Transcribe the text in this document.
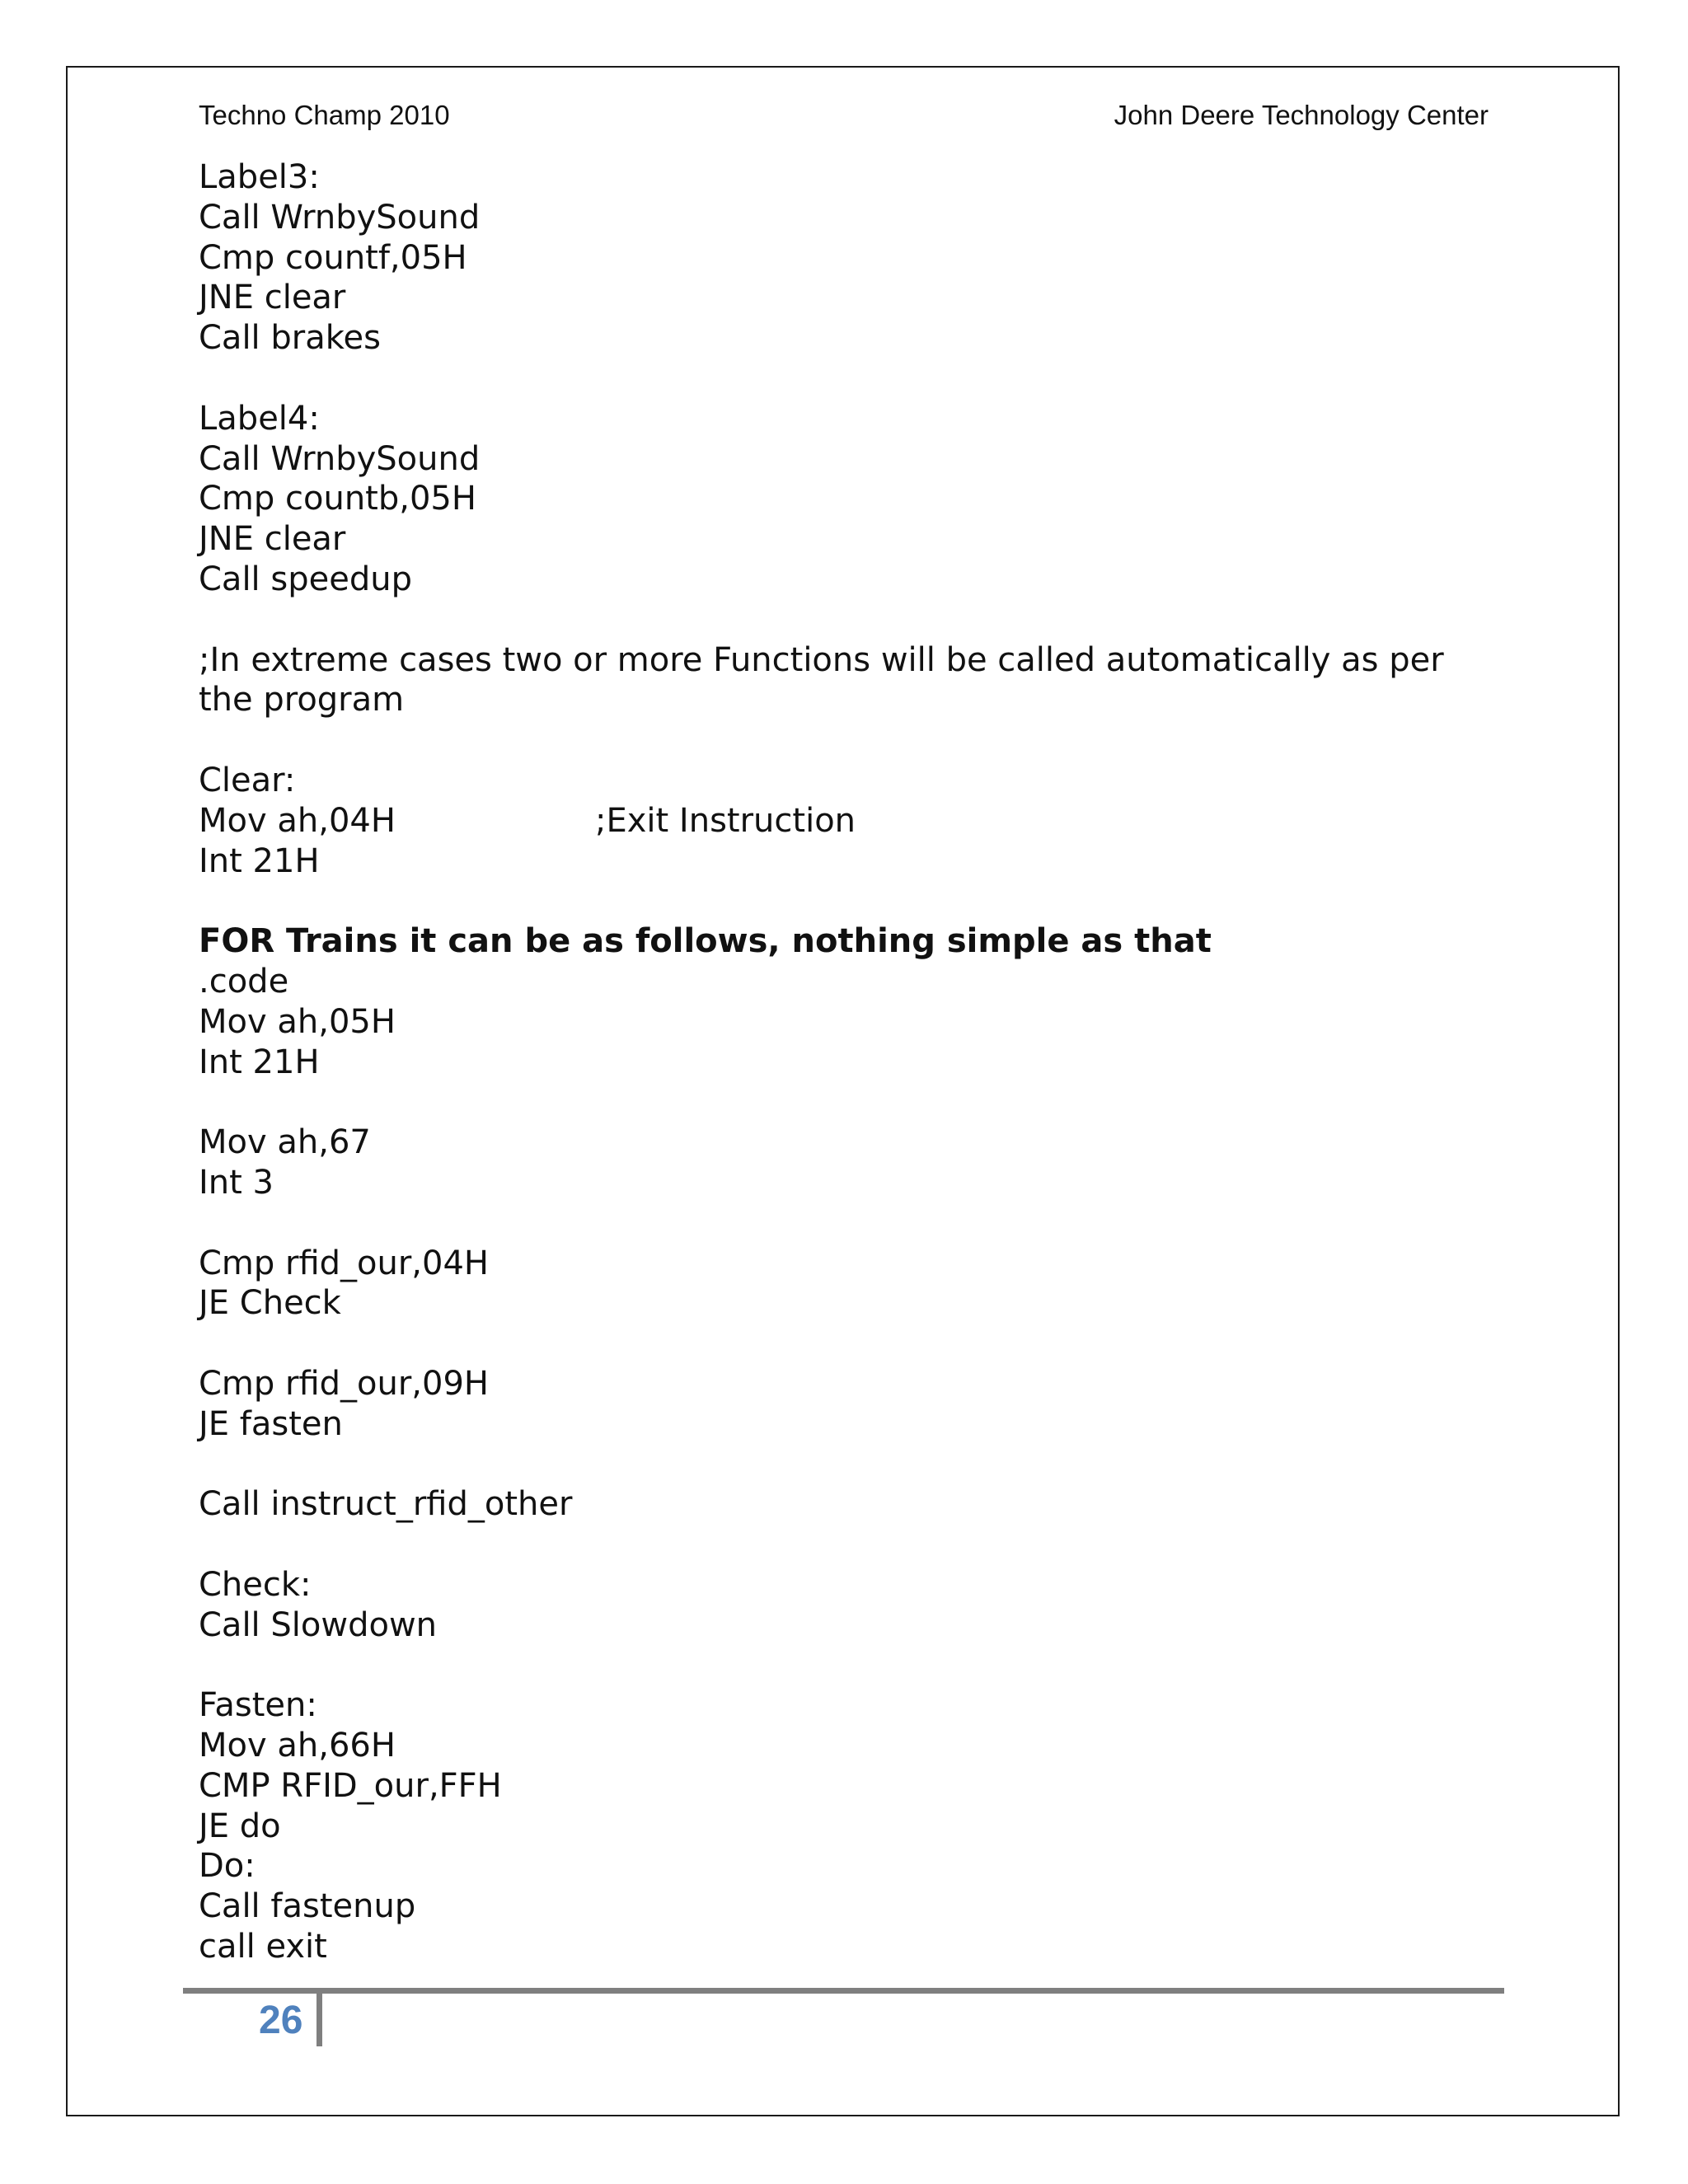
Techno Champ 2010	John Deere Technology Center
Label3:
Call WrnbySound
Cmp countf,05H
JNE clear
Call brakes
Label4:
Call WrnbySound
Cmp countb,05H
JNE clear
Call speedup
;In extreme cases two or more Functions will be called automatically as per the program
Clear:
Mov ah,04H	;Exit Instruction
Int 21H
FOR Trains it can be as follows, nothing simple as that
.code
Mov ah,05H
Int 21H
Mov ah,67
Int 3
Cmp rfid_our,04H
JE Check
Cmp rfid_our,09H
JE fasten
Call instruct_rfid_other
Check:
Call Slowdown
Fasten:
Mov ah,66H
CMP RFID_our,FFH
JE do
Do:
Call fastenup
call exit
26
